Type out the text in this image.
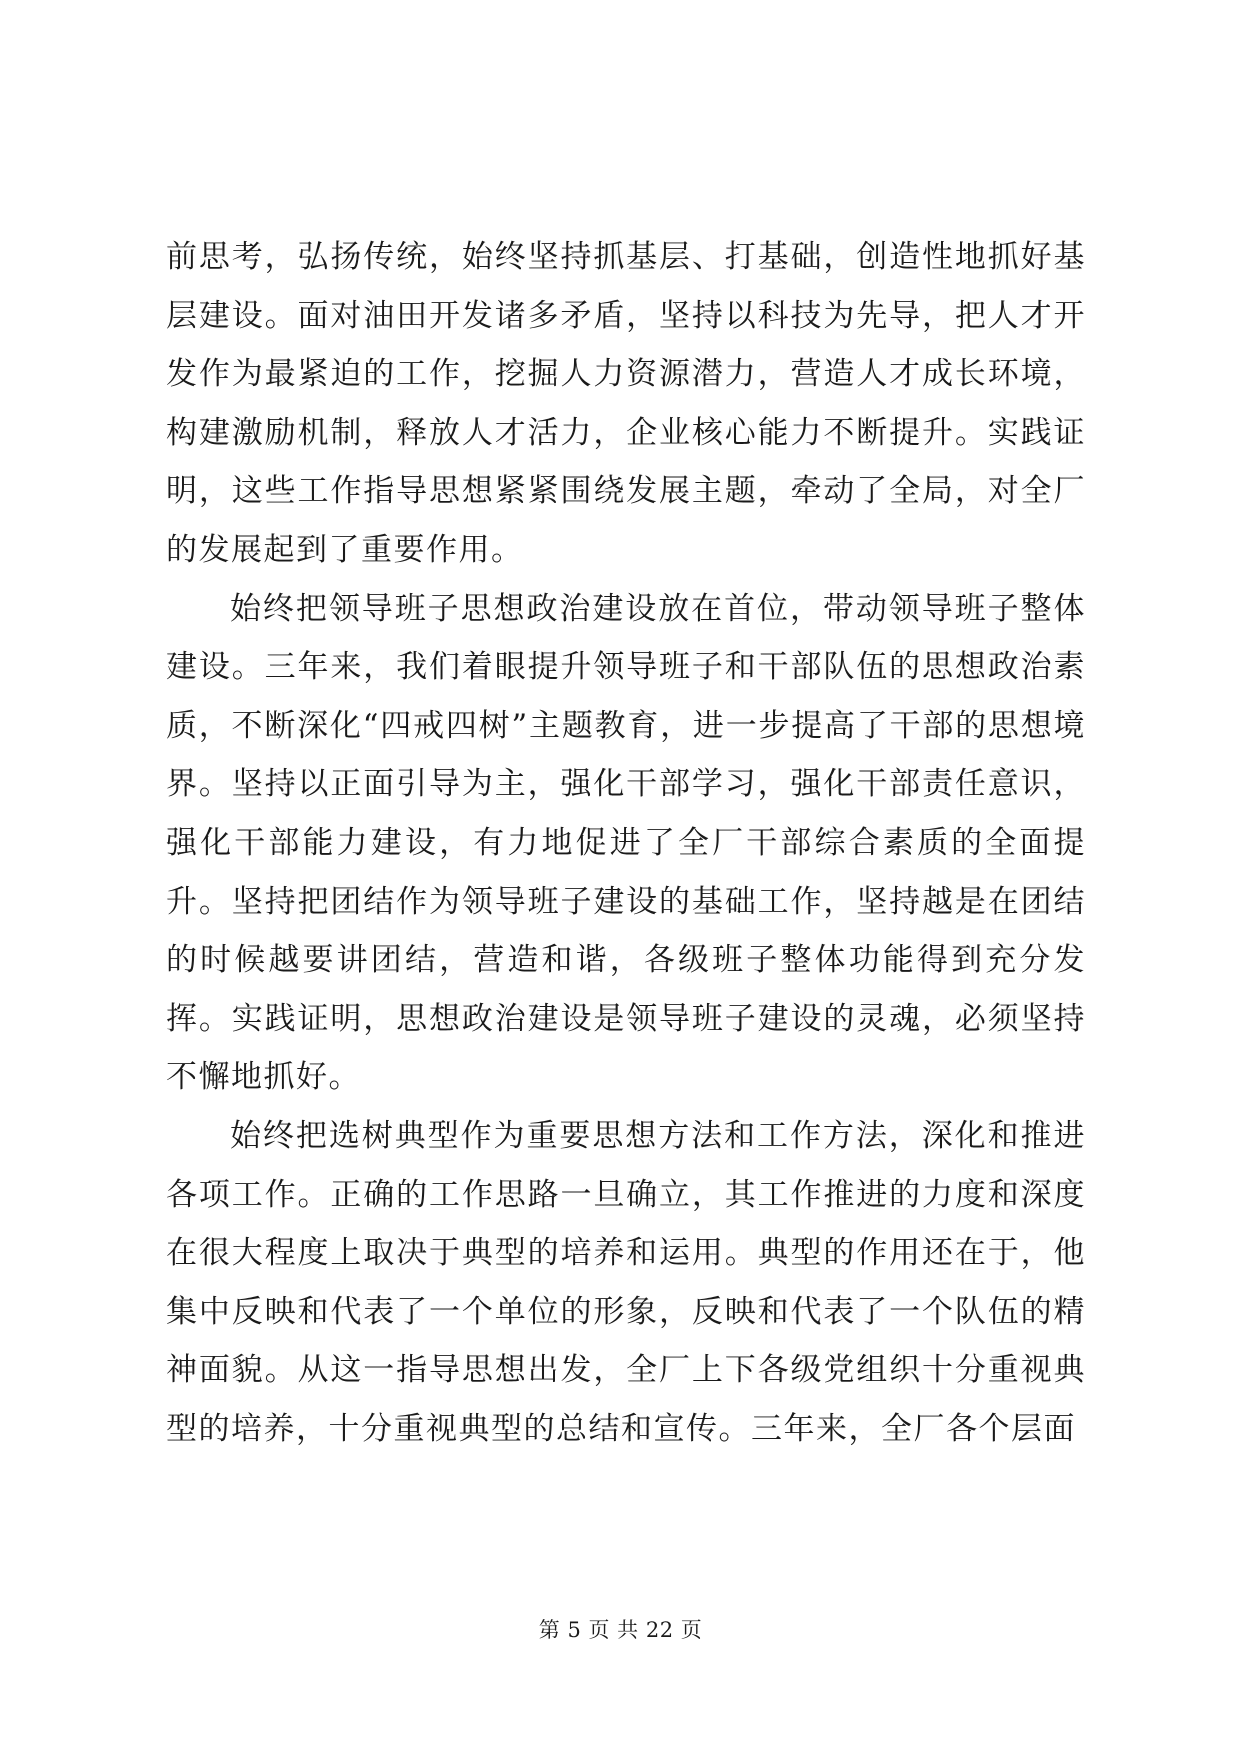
前思考，弘扬传统，始终坚持抓基层、打基础，创造性地抓好基层建设。面对油田开发诸多矛盾，坚持以科技为先导，把人才开发作为最紧迫的工作，挖掘人力资源潜力，营造人才成长环境，构建激励机制，释放人才活力，企业核心能力不断提升。实践证明，这些工作指导思想紧紧围绕发展主题，牵动了全局，对全厂的发展起到了重要作用。

始终把领导班子思想政治建设放在首位，带动领导班子整体建设。三年来，我们着眼提升领导班子和干部队伍的思想政治素质，不断深化“四戒四树”主题教育，进一步提高了干部的思想境界。坚持以正面引导为主，强化干部学习，强化干部责任意识，强化干部能力建设，有力地促进了全厂干部综合素质的全面提升。坚持把团结作为领导班子建设的基础工作，坚持越是在团结的时候越要讲团结，营造和谐，各级班子整体功能得到充分发挥。实践证明，思想政治建设是领导班子建设的灵魂，必须坚持不懈地抓好。

始终把选树典型作为重要思想方法和工作方法，深化和推进各项工作。正确的工作思路一旦确立，其工作推进的力度和深度在很大程度上取决于典型的培养和运用。典型的作用还在于，他集中反映和代表了一个单位的形象，反映和代表了一个队伍的精神面貌。从这一指导思想出发，全厂上下各级党组织十分重视典型的培养，十分重视典型的总结和宣传。三年来，全厂各个层面

第 5 页 共 22 页
